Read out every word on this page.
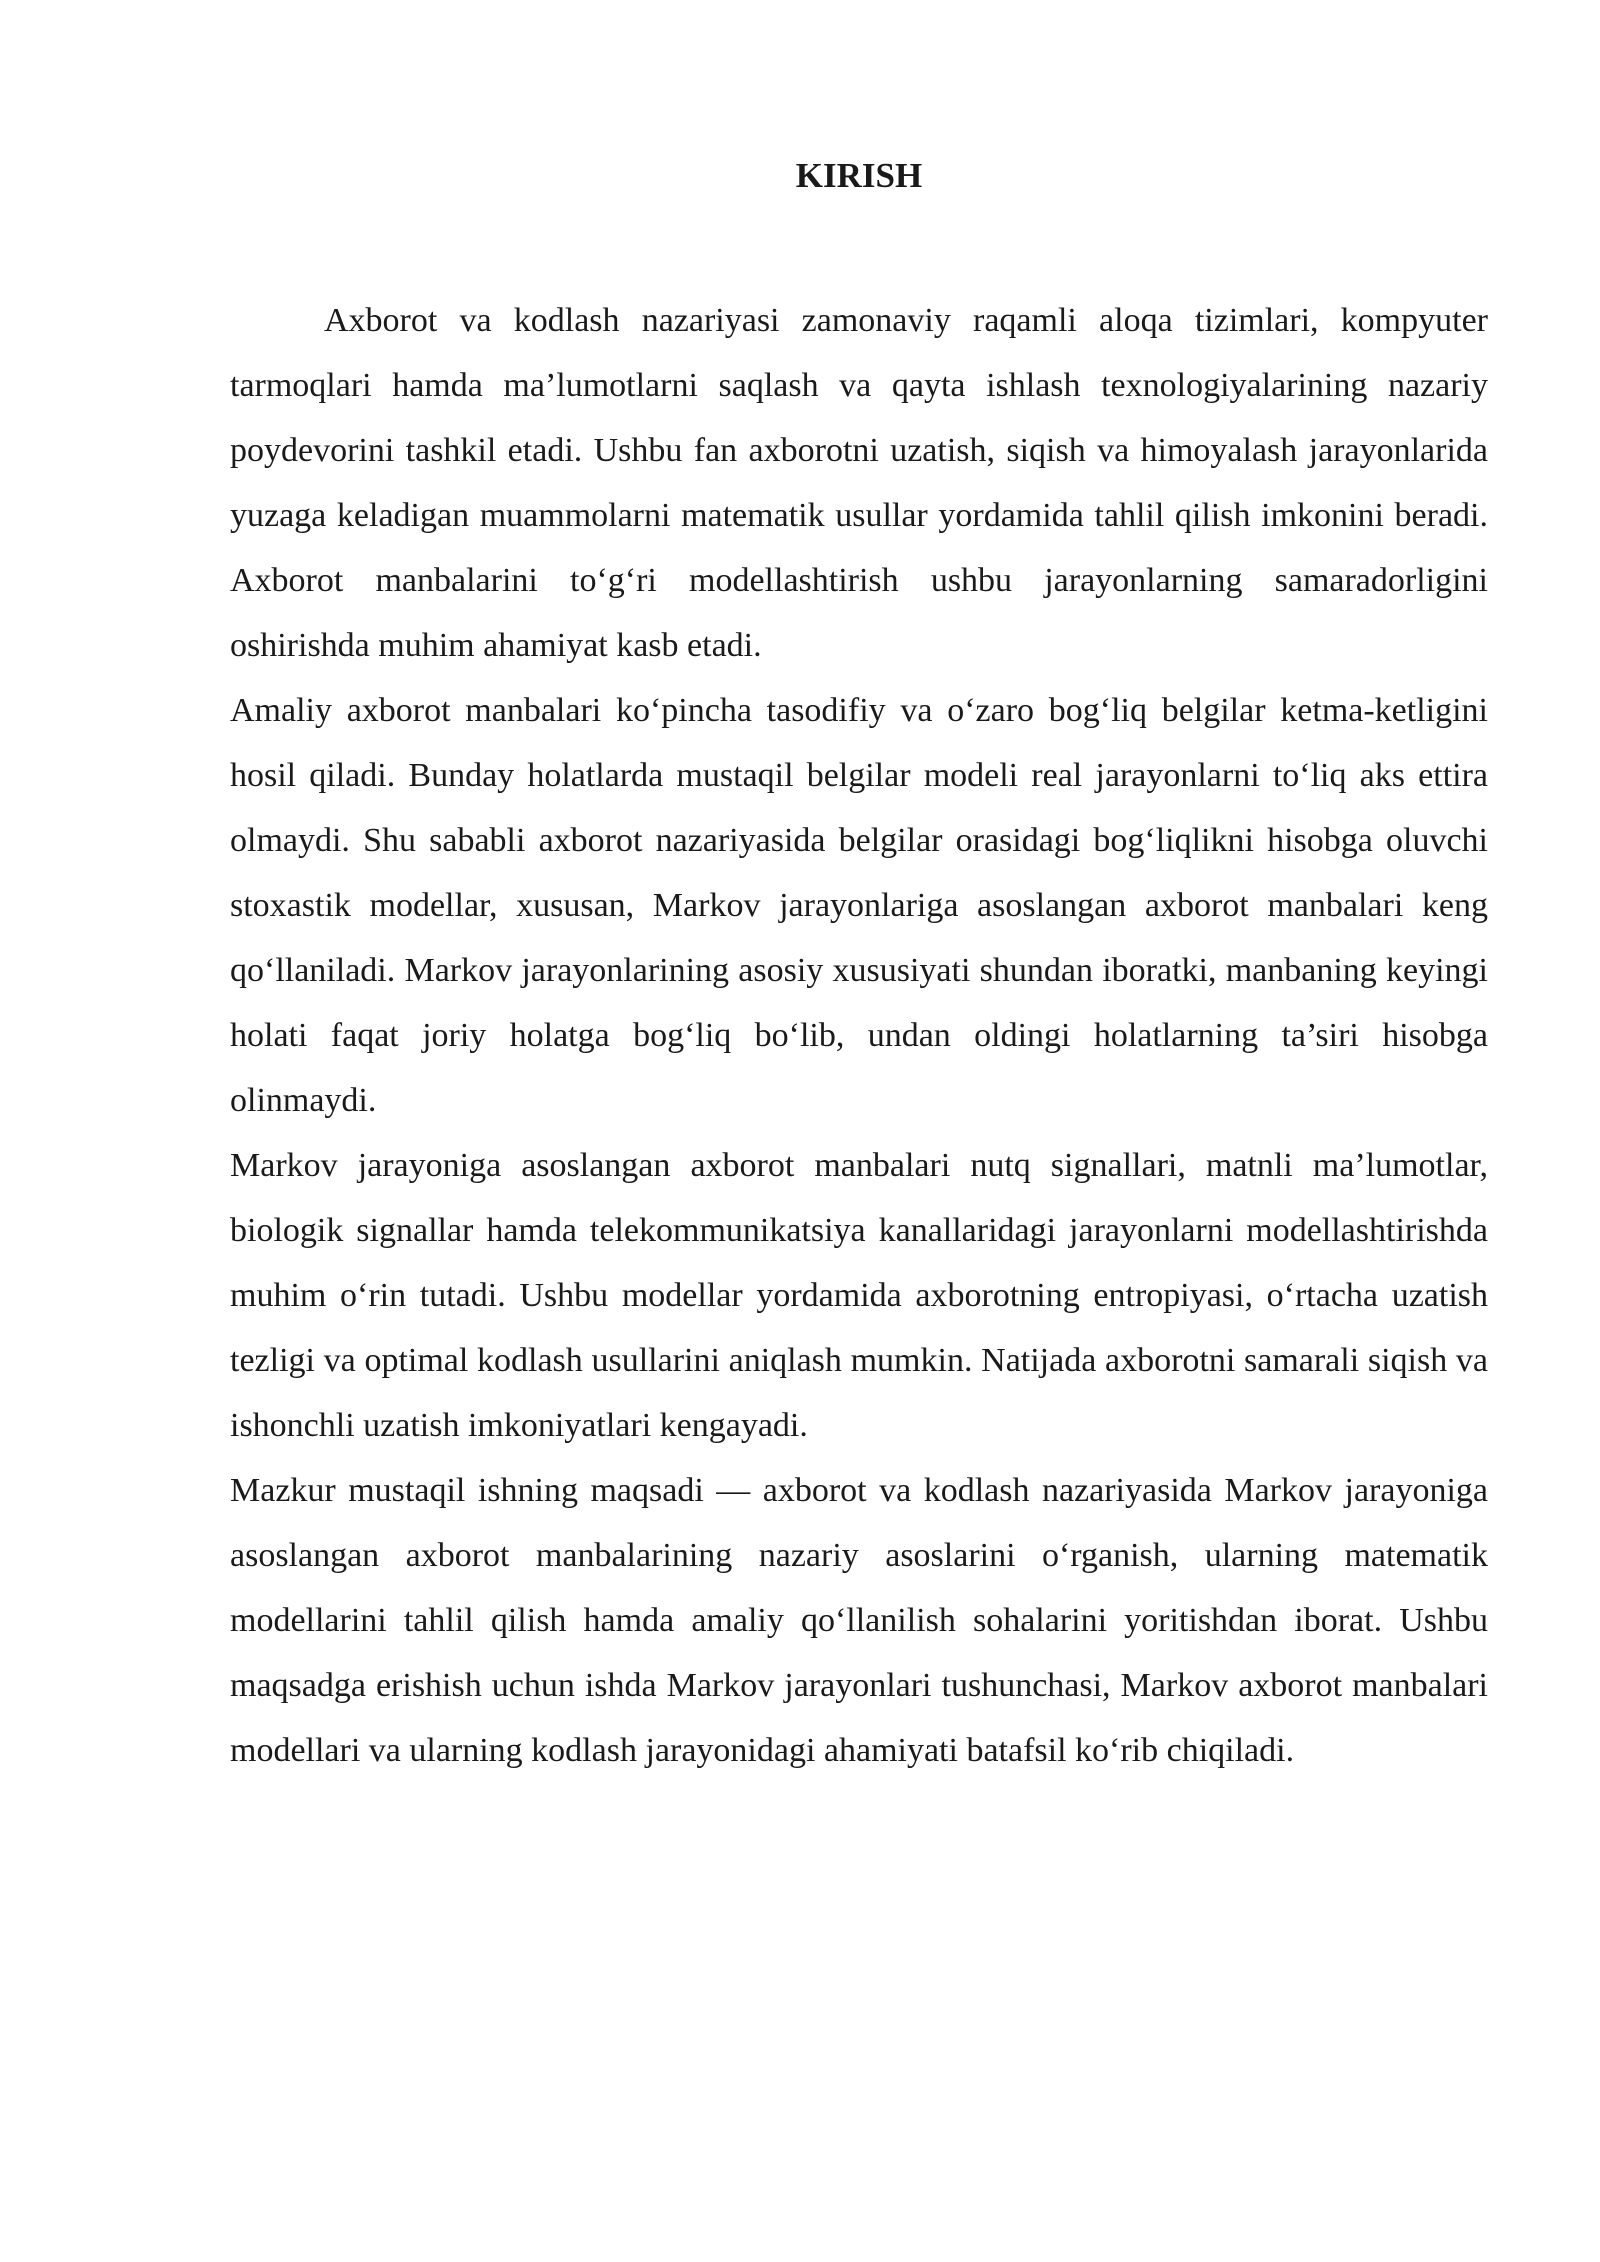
KIRISH

Axborot va kodlash nazariyasi zamonaviy raqamli aloqa tizimlari, kompyuter tarmoqlari hamda ma’lumotlarni saqlash va qayta ishlash texnologiyalarining nazariy poydevorini tashkil etadi. Ushbu fan axborotni uzatish, siqish va himoyalash jarayonlarida yuzaga keladigan muammolarni matematik usullar yordamida tahlil qilish imkonini beradi. Axborot manbalarini to‘g‘ri modellashtirish ushbu jarayonlarning samaradorligini oshirishda muhim ahamiyat kasb etadi.

Amaliy axborot manbalari ko‘pincha tasodifiy va o‘zaro bog‘liq belgilar ketma-ketligini hosil qiladi. Bunday holatlarda mustaqil belgilar modeli real jarayonlarni to‘liq aks ettira olmaydi. Shu sababli axborot nazariyasida belgilar orasidagi bog‘liqlikni hisobga oluvchi stoxastik modellar, xususan, Markov jarayonlariga asoslangan axborot manbalari keng qo‘llaniladi. Markov jarayonlarining asosiy xususiyati shundan iboratki, manbaning keyingi holati faqat joriy holatga bog‘liq bo‘lib, undan oldingi holatlarning ta’siri hisobga olinmaydi.

Markov jarayoniga asoslangan axborot manbalari nutq signallari, matnli ma’lumotlar, biologik signallar hamda telekommunikatsiya kanallaridagi jarayonlarni modellashtirishda muhim o‘rin tutadi. Ushbu modellar yordamida axborotning entropiyasi, o‘rtacha uzatish tezligi va optimal kodlash usullarini aniqlash mumkin. Natijada axborotni samarali siqish va ishonchli uzatish imkoniyatlari kengayadi.

Mazkur mustaqil ishning maqsadi — axborot va kodlash nazariyasida Markov jarayoniga asoslangan axborot manbalarining nazariy asoslarini o‘rganish, ularning matematik modellarini tahlil qilish hamda amaliy qo‘llanilish sohalarini yoritishdan iborat. Ushbu maqsadga erishish uchun ishda Markov jarayonlari tushunchasi, Markov axborot manbalari modellari va ularning kodlash jarayonidagi ahamiyati batafsil ko‘rib chiqiladi.
